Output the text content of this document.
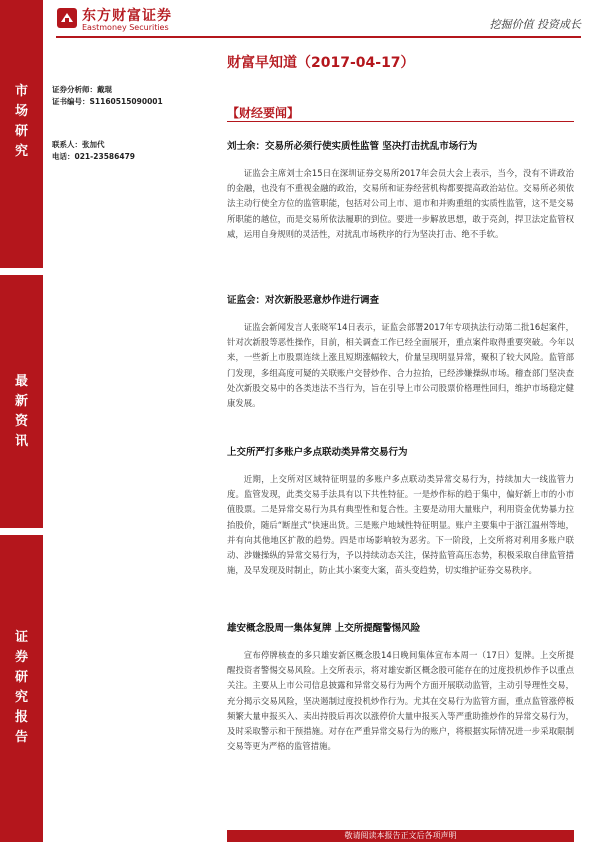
市
场
研
究
最
新
资
讯
证
券
研
究
报
告
东方财富证券
Eastmoney Securities	挖掘价值 投资成长
财富早知道（2017-04-17）
证券分析师：戴琨
证书编号：S1160515090001
联系人：张加代
电话：021-23586479
【财经要闻】
刘士余：交易所必须行使实质性监管 坚决打击扰乱市场行为

证监会主席刘士余15日在深圳证券交易所2017年会员大会上表示，当今，没有不讲政治的金融，也没有不重视金融的政治，交易所和证券经营机构都要提高政治站位。交易所必须依法主动行使全方位的监管职能，包括对公司上市、退市和并购重组的实质性监管，这不是交易所职能的越位，而是交易所依法履职的到位。要进一步解放思想，敢于亮剑，捍卫法定监管权威，运用自身规则的灵活性，对扰乱市场秩序的行为坚决打击、绝不手软。

证监会：对次新股恶意炒作进行调查

证监会新闻发言人张晓军14日表示，证监会部署2017年专项执法行动第二批16起案件，针对次新股等恶性操作，目前，相关调查工作已经全面展开，重点案件取得重要突破。今年以来，一些新上市股票连续上涨且短期涨幅较大，价量呈现明显异常，聚积了较大风险。监管部门发现，多组高度可疑的关联账户交替炒作、合力拉抬，已经涉嫌操纵市场。稽查部门坚决查处次新股交易中的各类违法不当行为，旨在引导上市公司股票价格理性回归，维护市场稳定健康发展。

上交所严打多账户多点联动类异常交易行为

近期，上交所对区域特征明显的多账户多点联动类异常交易行为，持续加大一线监管力度。监管发现，此类交易手法具有以下共性特征。一是炒作标的趋于集中，偏好新上市的小市值股票。二是异常交易行为具有典型性和复合性。主要是动用大量账户，利用资金优势暴力拉抬股价，随后“断崖式”快速出货。三是账户地域性特征明显。账户主要集中于浙江温州等地，并有向其他地区扩散的趋势。四是市场影响较为恶劣。下一阶段，上交所将对利用多账户联动、涉嫌操纵的异常交易行为，予以持续动态关注，保持监管高压态势，积极采取自律监管措施，及早发现及时制止，防止其小案变大案，苗头变趋势，切实维护证券交易秩序。

雄安概念股周一集体复牌 上交所提醒警惕风险

宣布停牌核查的多只雄安新区概念股14日晚间集体宣布本周一（17日）复牌。上交所提醒投资者警惕交易风险。上交所表示，将对雄安新区概念股可能存在的过度投机炒作予以重点关注。主要从上市公司信息披露和异常交易行为两个方面开展联动监管，主动引导理性交易，充分揭示交易风险，坚决遏制过度投机炒作行为。尤其在交易行为监管方面，重点监管涨停板频繁大量申报买入、卖出持股后再次以涨停价大量申报买入等严重助推炒作的异常交易行为，及时采取警示和干预措施。对存在严重异常交易行为的账户，将根据实际情况进一步采取限制交易等更为严格的监管措施。

敬请阅读本报告正文后各项声明
